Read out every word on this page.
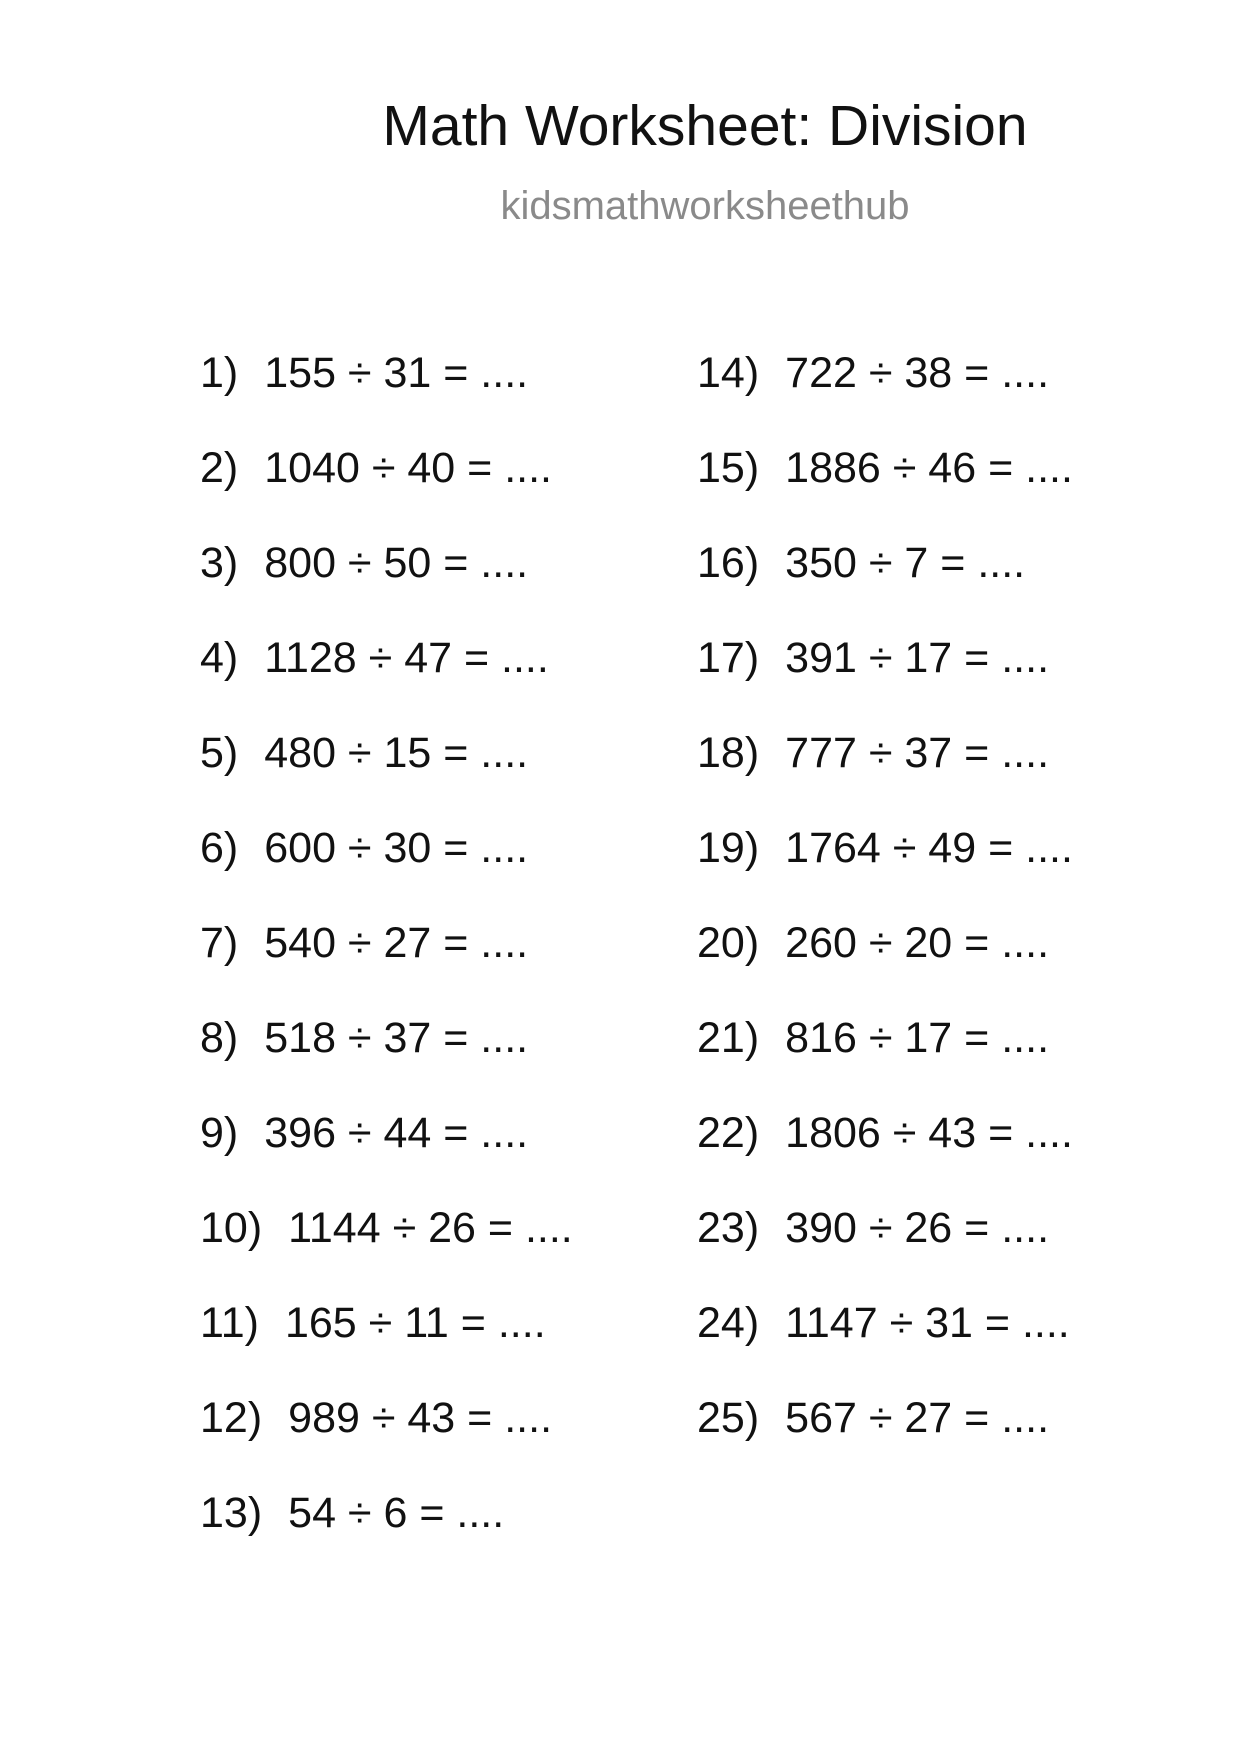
Math Worksheet: Division
kidsmathworksheethub
1) 155 ÷ 31 = ....
2) 1040 ÷ 40 = ....
3) 800 ÷ 50 = ....
4) 1128 ÷ 47 = ....
5) 480 ÷ 15 = ....
6) 600 ÷ 30 = ....
7) 540 ÷ 27 = ....
8) 518 ÷ 37 = ....
9) 396 ÷ 44 = ....
10) 1144 ÷ 26 = ....
11) 165 ÷ 11 = ....
12) 989 ÷ 43 = ....
13) 54 ÷ 6 = ....
14) 722 ÷ 38 = ....
15) 1886 ÷ 46 = ....
16) 350 ÷ 7 = ....
17) 391 ÷ 17 = ....
18) 777 ÷ 37 = ....
19) 1764 ÷ 49 = ....
20) 260 ÷ 20 = ....
21) 816 ÷ 17 = ....
22) 1806 ÷ 43 = ....
23) 390 ÷ 26 = ....
24) 1147 ÷ 31 = ....
25) 567 ÷ 27 = ....
